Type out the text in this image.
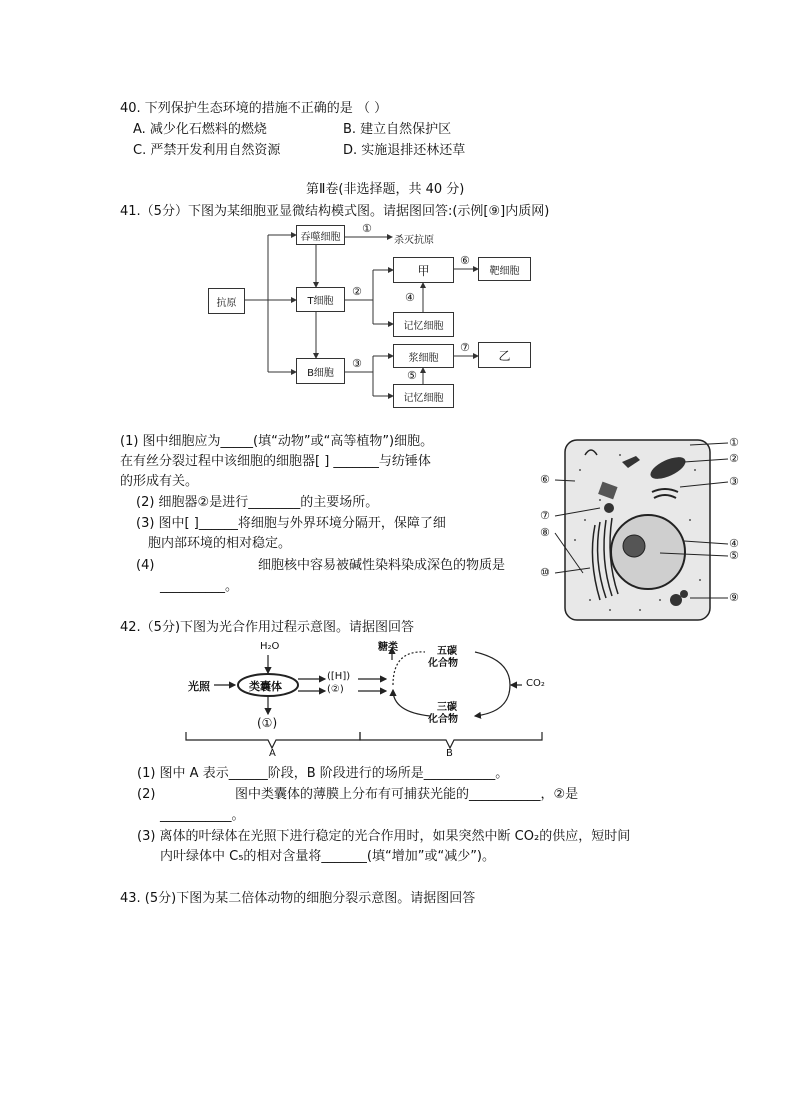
40. 下列保护生态环境的措施不正确的是 （ ）
A. 减少化石燃料的燃烧	B. 建立自然保护区
C. 严禁开发利用自然资源	D. 实施退排还林还草
第Ⅱ卷(非选择题，共 40 分)
41.（5分）下图为某细胞亚显微结构模式图。请据图回答:(示例[⑨]内质网)
抗原
吞噬细胞
①
杀灭抗原
T细胞
②
甲
⑥
靶细胞
④
记忆细胞
B细胞
③	浆细胞
⑦
乙
⑤
记忆细胞
(1) 图中细胞应为_____(填“动物”或“高等植物”)细胞。
在有丝分裂过程中该细胞的细胞器[ ] _______与纺锤体
的形成有关。
(2) 细胞器②是进行________的主要场所。
(3) 图中[ ]______将细胞与外界环境分隔开，保障了细
胞内部环境的相对稳定。
(4)	细胞核中容易被碱性染料染成深色的物质是
__________。
①
②
③
④
⑤
⑥
⑦
⑧
⑩
⑨
42.（5分)下图为光合作用过程示意图。请据图回答
H₂O
光照	类囊体
(①)
([H])
(②)
糖类	五碳
化合物
三碳
化合物
CO₂
A	B
(1) 图中 A 表示______阶段，B 阶段进行的场所是___________。
(2)	图中类囊体的薄膜上分布有可捕获光能的___________，②是
___________。
(3) 离体的叶绿体在光照下进行稳定的光合作用时，如果突然中断 CO₂的供应，短时间
内叶绿体中 C₅的相对含量将_______(填“增加”或“减少”)。
43. (5分)下图为某二倍体动物的细胞分裂示意图。请据图回答
